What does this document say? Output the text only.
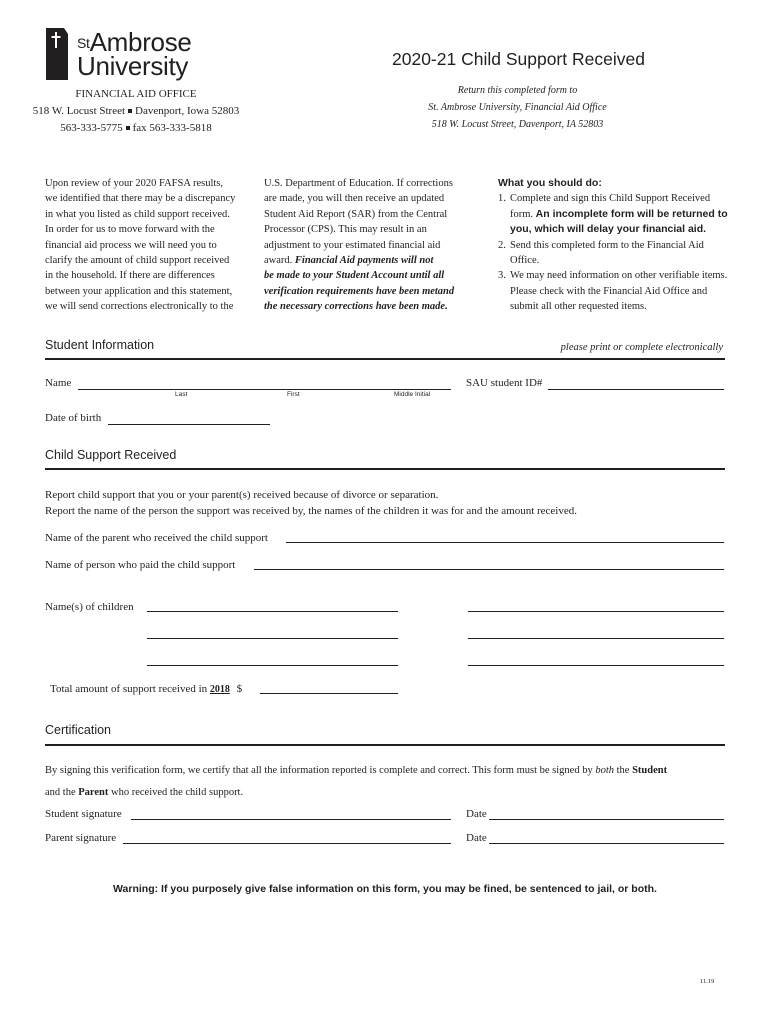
$^{St}$Ambrose
University
FINANCIAL AID OFFICE
518 W. Locust Street Davenport, Iowa 52803
563-333-5775 fax 563-333-5818
2020-21 Child Support Received
Return this completed form to
St. Ambrose University, Financial Aid Office
518 W. Locust Street, Davenport, IA 52803
Upon review of your 2020 FAFSA results,
we identified that there may be a discrepancy
in what you listed as child support received.
In order for us to move forward with the
financial aid process we will need you to
clarify the amount of child support received
in the household. If there are differences
between your application and this statement,
we will send corrections electronically to the
U.S. Department of Education. If corrections
are made, you will then receive an updated
Student Aid Report (SAR) from the Central
Processor (CPS). This may result in an
adjustment to your estimated financial aid
award. Financial Aid payments will not
be made to your Student Account until all
verification requirements have been metand
the necessary corrections have been made.
What you should do:
1. Complete and sign this Child Support Received form. An incomplete form will be returned to you, which will delay your financial aid.
2. Send this completed form to the Financial Aid Office.
3. We may need information on other verifiable items. Please check with the Financial Aid Office and submit all other requested items.
Student Information	please print or complete electronically
Name
Last	First	Middle Initial
SAU student ID#
Date of birth
Child Support Received
Report child support that you or your parent(s) received because of divorce or separation.
Report the name of the person the support was received by, the names of the children it was for and the amount received.
Name of the parent who received the child support
Name of person who paid the child support
Name(s) of children
Total amount of support received in 2018 $
Certification
By signing this verification form, we certify that all the information reported is complete and correct. This form must be signed by both the Student
and the Parent who received the child support.
Student signature	Date
Parent signature	Date
Warning: If you purposely give false information on this form, you may be fined, be sentenced to jail, or both.
11.19
